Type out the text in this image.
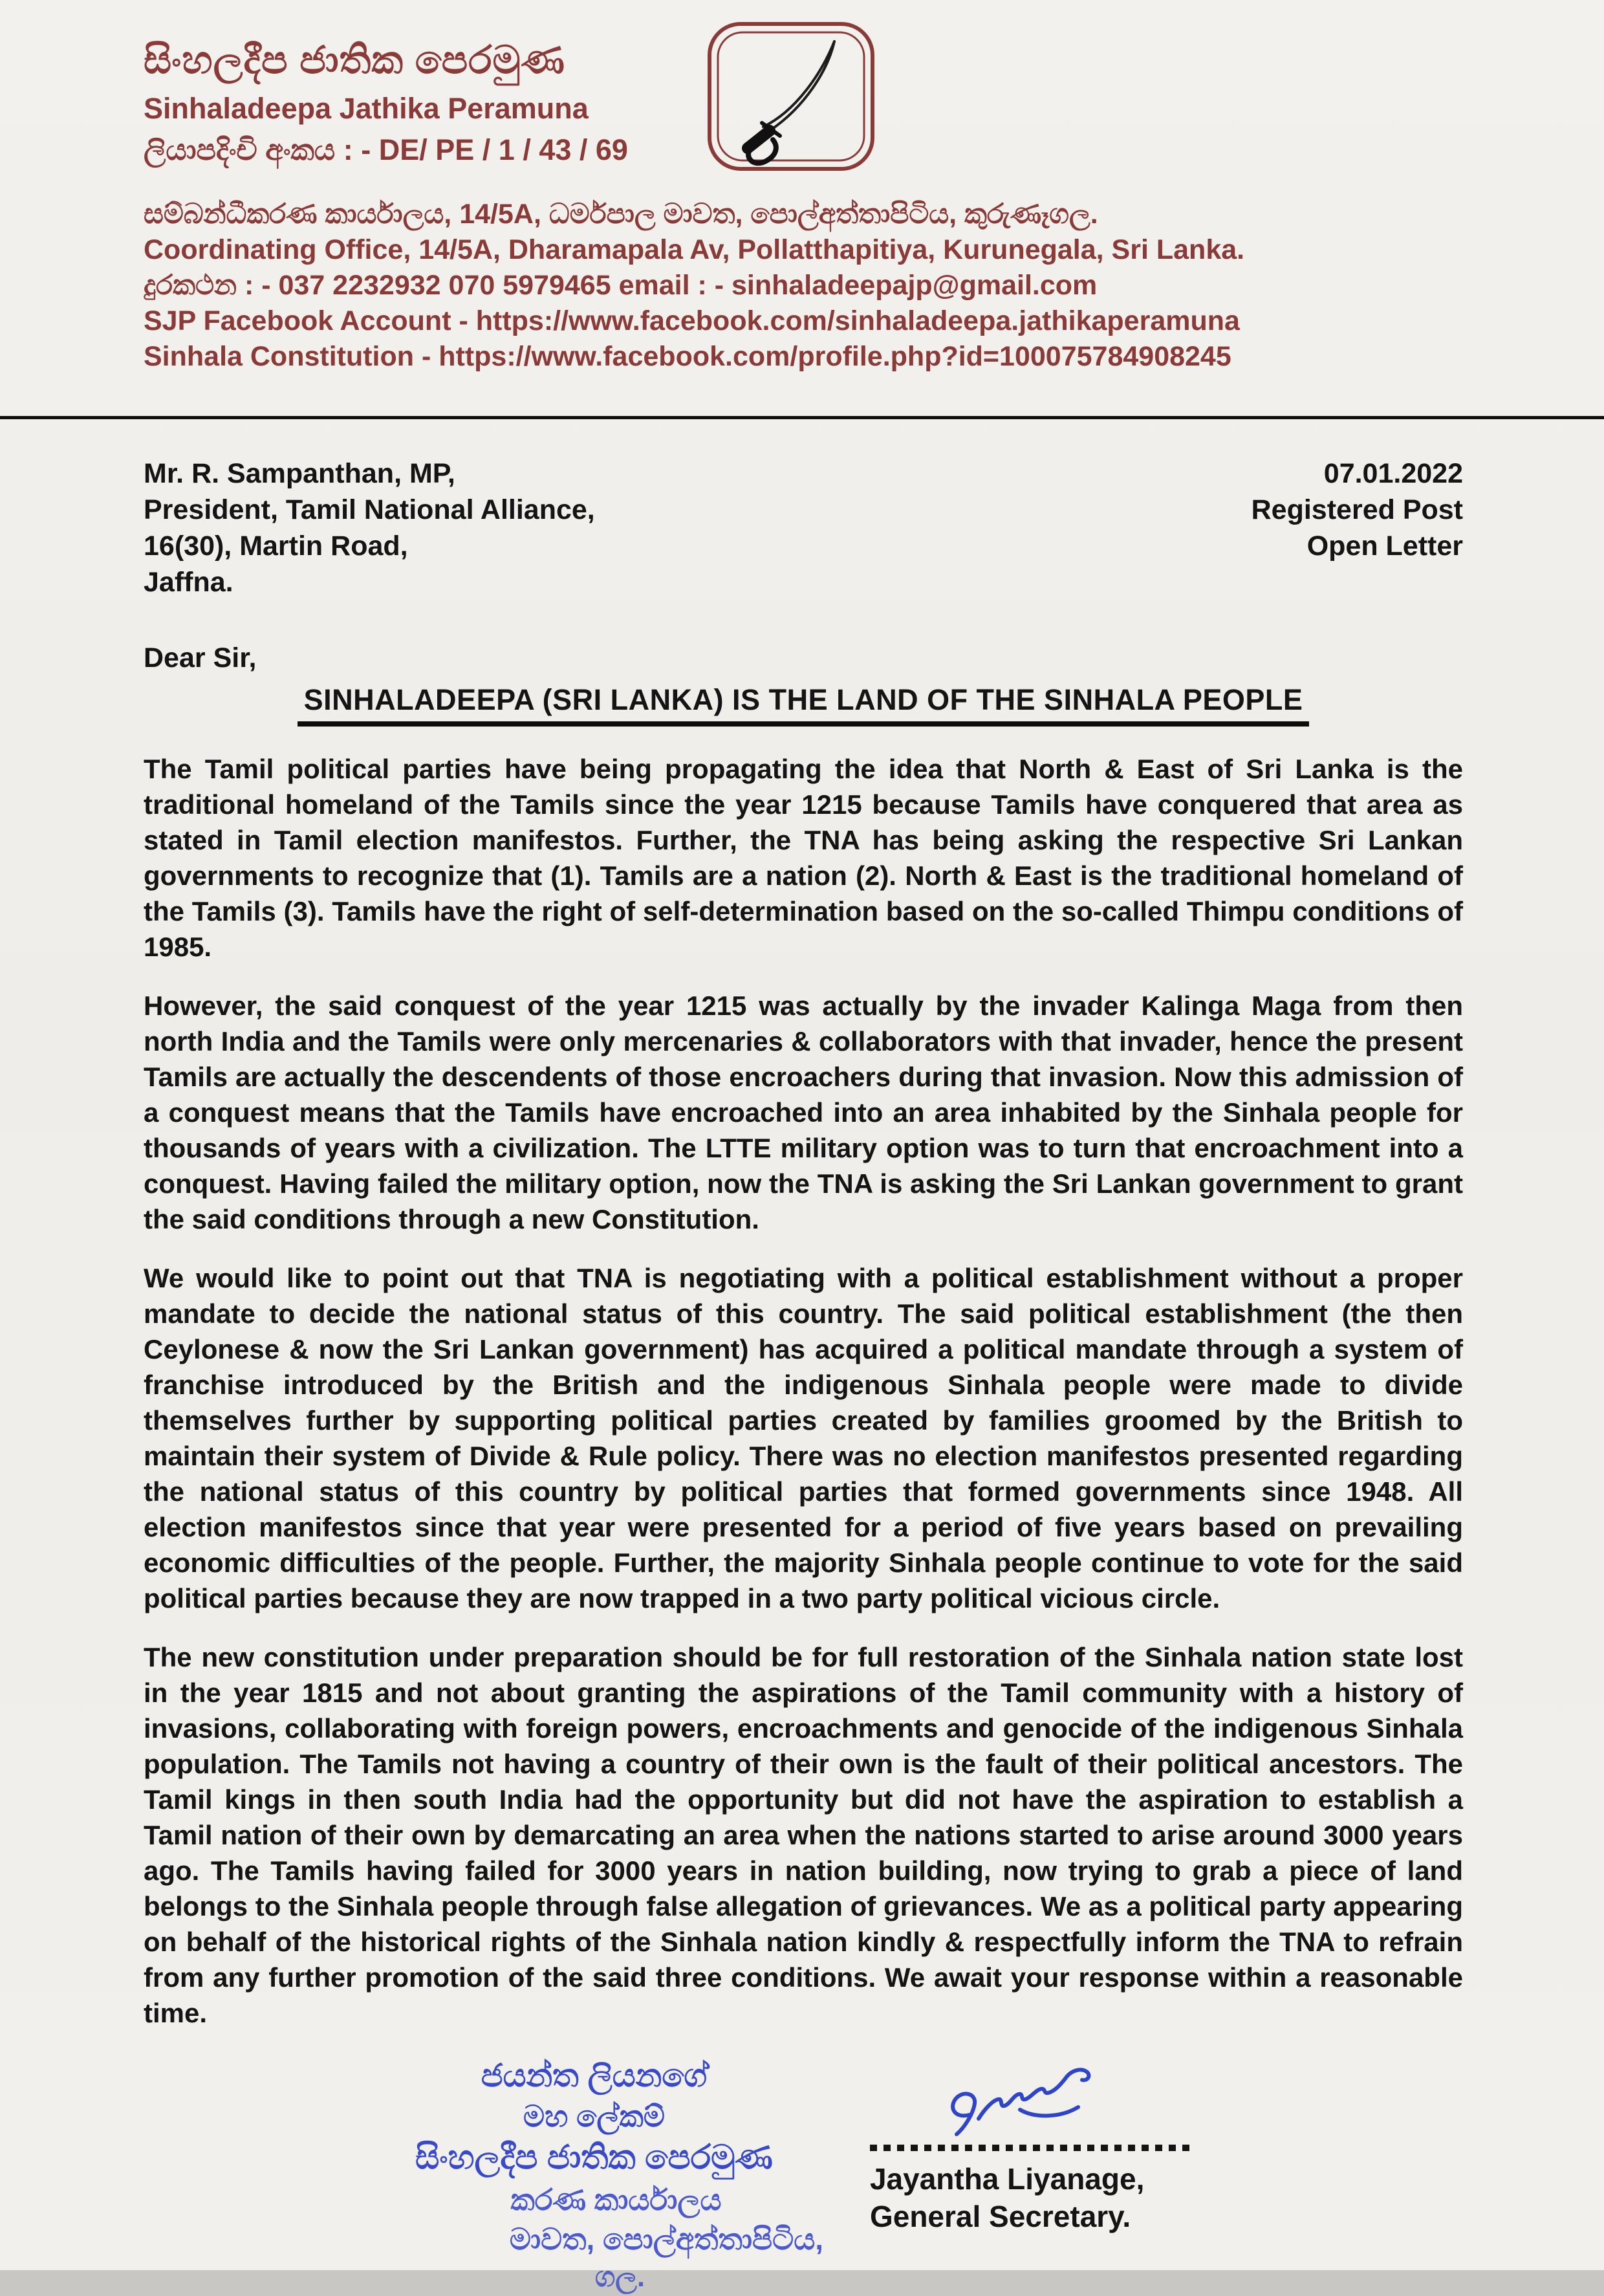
සිංහලදීප ජාතික පෙරමුණ
Sinhaladeepa Jathika Peramuna
ලියාපදිංචි අංකය : - DE/ PE / 1 / 43 / 69
සම්බන්ධීකරණ කාර්යාලය, 14/5A, ධර්මපාල මාවත, පොල්අත්තාපිටිය, කුරුණෑගල.
Coordinating Office, 14/5A, Dharamapala Av, Pollatthapitiya, Kurunegala, Sri Lanka.
දුරකථන : - 037 2232932 070 5979465 email : - sinhaladeepajp@gmail.com
SJP Facebook Account - https://www.facebook.com/sinhaladeepa.jathikaperamuna
Sinhala Constitution - https://www.facebook.com/profile.php?id=100075784908245
Mr. R. Sampanthan, MP,
President, Tamil National Alliance,
16(30), Martin Road,
Jaffna.
07.01.2022
Registered Post
Open Letter
Dear Sir,
SINHALADEEPA (SRI LANKA) IS THE LAND OF THE SINHALA PEOPLE

The Tamil political parties have being propagating the idea that North & East of Sri Lanka is the traditional homeland of the Tamils since the year 1215 because Tamils have conquered that area as stated in Tamil election manifestos. Further, the TNA has being asking the respective Sri Lankan governments to recognize that (1). Tamils are a nation (2). North & East is the traditional homeland of the Tamils (3). Tamils have the right of self-determination based on the so-called Thimpu conditions of 1985.

However, the said conquest of the year 1215 was actually by the invader Kalinga Maga from then north India and the Tamils were only mercenaries & collaborators with that invader, hence the present Tamils are actually the descendents of those encroachers during that invasion. Now this admission of a conquest means that the Tamils have encroached into an area inhabited by the Sinhala people for thousands of years with a civilization. The LTTE military option was to turn that encroachment into a conquest. Having failed the military option, now the TNA is asking the Sri Lankan government to grant the said conditions through a new Constitution.

We would like to point out that TNA is negotiating with a political establishment without a proper mandate to decide the national status of this country. The said political establishment (the then Ceylonese & now the Sri Lankan government) has acquired a political mandate through a system of franchise introduced by the British and the indigenous Sinhala people were made to divide themselves further by supporting political parties created by families groomed by the British to maintain their system of Divide & Rule policy. There was no election manifestos presented regarding the national status of this country by political parties that formed governments since 1948. All election manifestos since that year were presented for a period of five years based on prevailing economic difficulties of the people. Further, the majority Sinhala people continue to vote for the said political parties because they are now trapped in a two party political vicious circle.

The new constitution under preparation should be for full restoration of the Sinhala nation state lost in the year 1815 and not about granting the aspirations of the Tamil community with a history of invasions, collaborating with foreign powers, encroachments and genocide of the indigenous Sinhala population. The Tamils not having a country of their own is the fault of their political ancestors. The Tamil kings in then south India had the opportunity but did not have the aspiration to establish a Tamil nation of their own by demarcating an area when the nations started to arise around 3000 years ago. The Tamils having failed for 3000 years in nation building, now trying to grab a piece of land belongs to the Sinhala people through false allegation of grievances. We as a political party appearing on behalf of the historical rights of the Sinhala nation kindly & respectfully inform the TNA to refrain from any further promotion of the said three conditions. We await your response within a reasonable time.

ජයන්ත ලියනගේ
මහ ලේකම්
සිංහලදීප ජාතික පෙරමුණ
කරණ කාර්යාලය
මාවත, පොල්අත්තාපිටිය,
ගල.
Jayantha Liyanage,
General Secretary.
